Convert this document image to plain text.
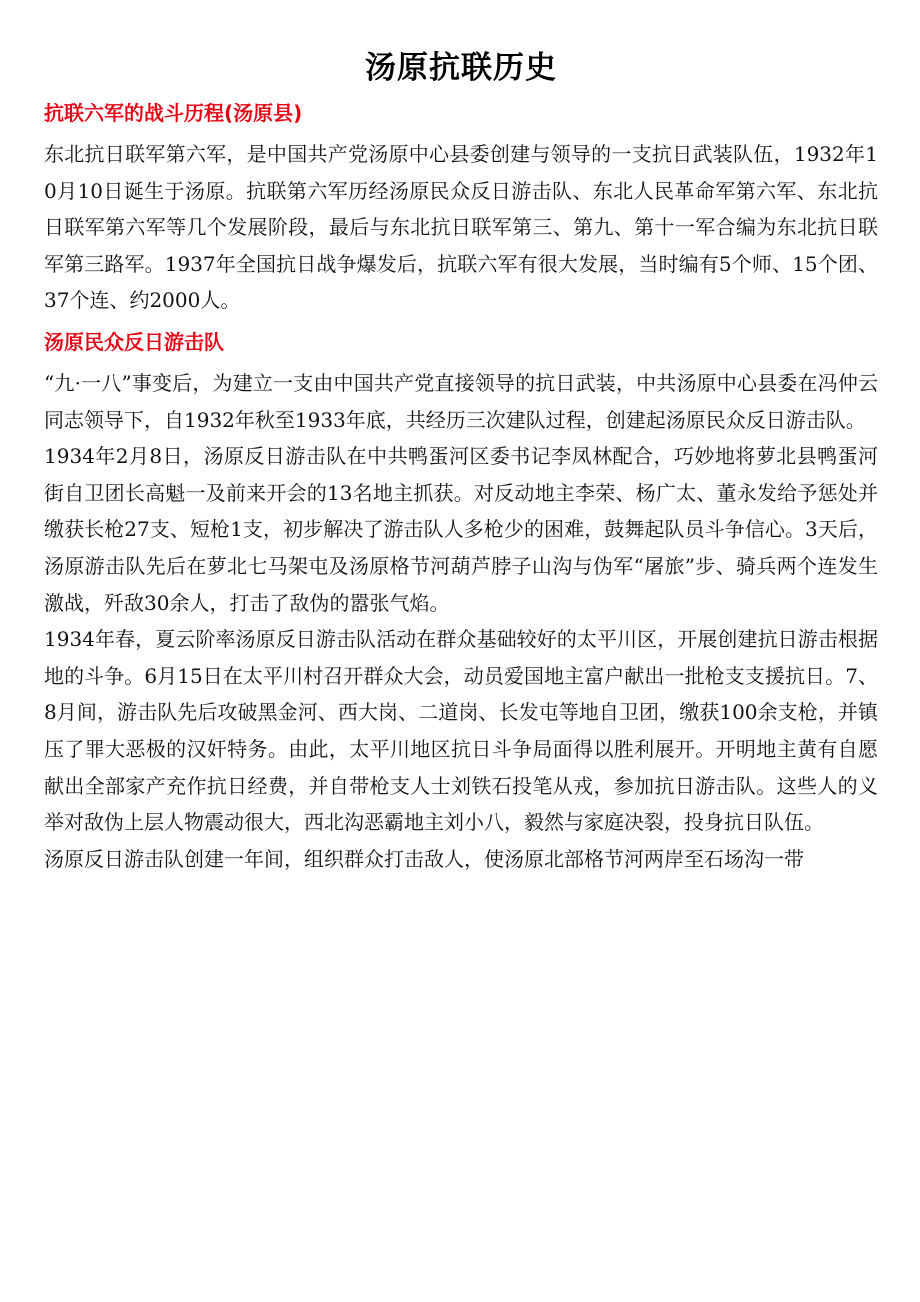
汤原抗联历史
抗联六军的战斗历程(汤原县)

东北抗日联军第六军，是中国共产党汤原中心县委创建与领导的一支抗日武装队伍，1932年10月10日诞生于汤原。抗联第六军历经汤原民众反日游击队、东北人民革命军第六军、东北抗日联军第六军等几个发展阶段，最后与东北抗日联军第三、第九、第十一军合编为东北抗日联军第三路军。1937年全国抗日战争爆发后，抗联六军有很大发展，当时编有5个师、15个团、37个连、约2000人。

汤原民众反日游击队

“九·一八”事变后，为建立一支由中国共产党直接领导的抗日武装，中共汤原中心县委在冯仲云同志领导下，自1932年秋至1933年底，共经历三次建队过程，创建起汤原民众反日游击队。

1934年2月8日，汤原反日游击队在中共鸭蛋河区委书记李凤林配合，巧妙地将萝北县鸭蛋河街自卫团长高魁一及前来开会的13名地主抓获。对反动地主李荣、杨广太、董永发给予惩处并缴获长枪27支、短枪1支，初步解决了游击队人多枪少的困难，鼓舞起队员斗争信心。3天后，汤原游击队先后在萝北七马架屯及汤原格节河葫芦脖子山沟与伪军“屠旅”步、骑兵两个连发生激战，歼敌30余人，打击了敌伪的嚣张气焰。

1934年春，夏云阶率汤原反日游击队活动在群众基础较好的太平川区，开展创建抗日游击根据地的斗争。6月15日在太平川村召开群众大会，动员爱国地主富户献出一批枪支支援抗日。7、8月间，游击队先后攻破黑金河、西大岗、二道岗、长发屯等地自卫团，缴获100余支枪，并镇压了罪大恶极的汉奸特务。由此，太平川地区抗日斗争局面得以胜利展开。开明地主黄有自愿献出全部家产充作抗日经费，并自带枪支人士刘铁石投笔从戎，参加抗日游击队。这些人的义举对敌伪上层人物震动很大，西北沟恶霸地主刘小八，毅然与家庭决裂，投身抗日队伍。

汤原反日游击队创建一年间，组织群众打击敌人，使汤原北部格节河两岸至石场沟一带
